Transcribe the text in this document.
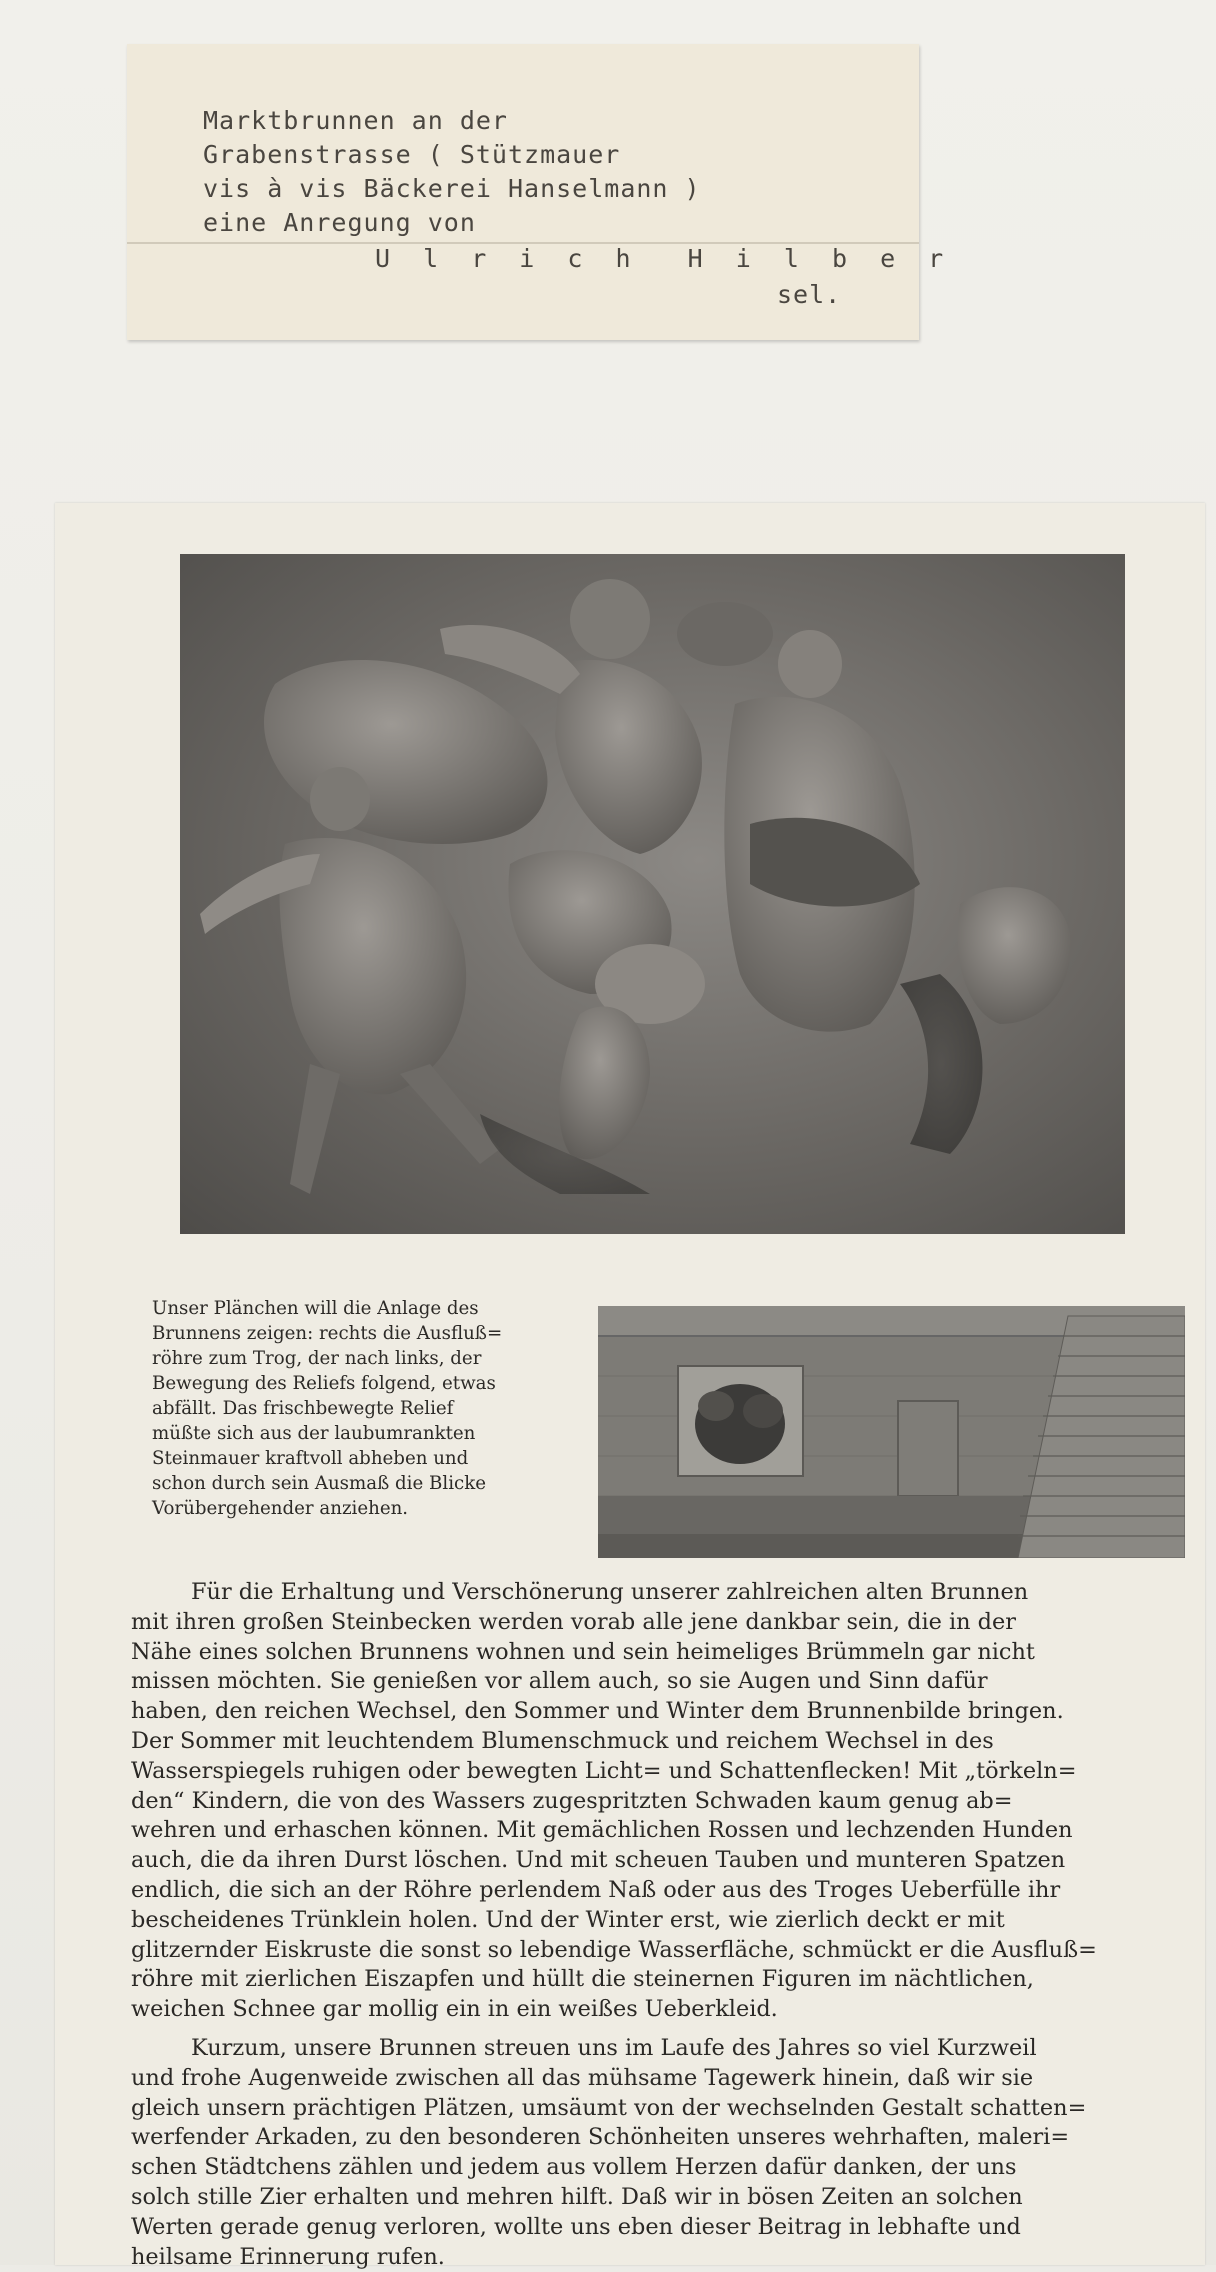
Marktbrunnen an der
Grabenstrasse ( Stützmauer
vis à vis Bäckerei Hanselmann )
eine Anregung von
U l r i c h  H i l b e r
sel.
Unser Plänchen will die Anlage des
Brunnens zeigen: rechts die Ausfluß=
röhre zum Trog, der nach links, der
Bewegung des Reliefs folgend, etwas
abfällt. Das frischbewegte Relief
müßte sich aus der laubumrankten
Steinmauer kraftvoll abheben und
schon durch sein Ausmaß die Blicke
Vorübergehender anziehen.
Für die Erhaltung und Verschönerung unserer zahlreichen alten Brunnen
mit ihren großen Steinbecken werden vorab alle jene dankbar sein, die in der
Nähe eines solchen Brunnens wohnen und sein heimeliges Brümmeln gar nicht
missen möchten. Sie genießen vor allem auch, so sie Augen und Sinn dafür
haben, den reichen Wechsel, den Sommer und Winter dem Brunnenbilde bringen.
Der Sommer mit leuchtendem Blumenschmuck und reichem Wechsel in des
Wasserspiegels ruhigen oder bewegten Licht= und Schattenflecken! Mit „törkeln=
den“ Kindern, die von des Wassers zugespritzten Schwaden kaum genug ab=
wehren und erhaschen können. Mit gemächlichen Rossen und lechzenden Hunden
auch, die da ihren Durst löschen. Und mit scheuen Tauben und munteren Spatzen
endlich, die sich an der Röhre perlendem Naß oder aus des Troges Ueberfülle ihr
bescheidenes Trünklein holen. Und der Winter erst, wie zierlich deckt er mit
glitzernder Eiskruste die sonst so lebendige Wasserfläche, schmückt er die Ausfluß=
röhre mit zierlichen Eiszapfen und hüllt die steinernen Figuren im nächtlichen,
weichen Schnee gar mollig ein in ein weißes Ueberkleid.
Kurzum, unsere Brunnen streuen uns im Laufe des Jahres so viel Kurzweil
und frohe Augenweide zwischen all das mühsame Tagewerk hinein, daß wir sie
gleich unsern prächtigen Plätzen, umsäumt von der wechselnden Gestalt schatten=
werfender Arkaden, zu den besonderen Schönheiten unseres wehrhaften, maleri=
schen Städtchens zählen und jedem aus vollem Herzen dafür danken, der uns
solch stille Zier erhalten und mehren hilft. Daß wir in bösen Zeiten an solchen
Werten gerade genug verloren, wollte uns eben dieser Beitrag in lebhafte und
heilsame Erinnerung rufen.
